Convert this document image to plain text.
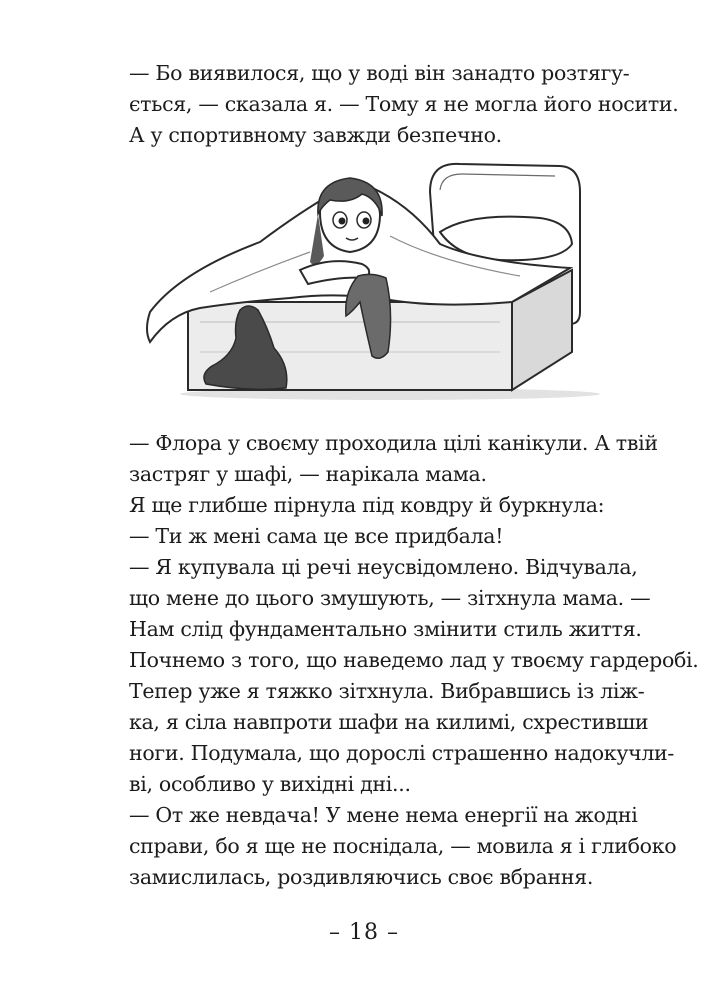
— Бо виявилося, що у воді він занадто розтягу-
ється, — сказала я. — Тому я не могла його носити.
А у спортивному завжди безпечно.
— Флора у своєму проходила цілі канікули. А твій
застряг у шафі, — нарікала мама.
Я ще глибше пірнула під ковдру й буркнула:
— Ти ж мені сама це все придбала!
— Я купувала ці речі неусвідомлено. Відчувала,
що мене до цього змушують, — зітхнула мама. —
Нам слід фундаментально змінити стиль життя.
Почнемо з того, що наведемо лад у твоєму гардеробі.
Тепер уже я тяжко зітхнула. Вибравшись із ліж-
ка, я сіла навпроти шафи на килимі, схрестивши
ноги. Подумала, що дорослі страшенно надокучли-
ві, особливо у вихідні дні...
— От же невдача! У мене нема енергії на жодні
справи, бо я ще не поснідала, — мовила я і глибоко
замислилась, роздивляючись своє вбрання.
– 18 –
